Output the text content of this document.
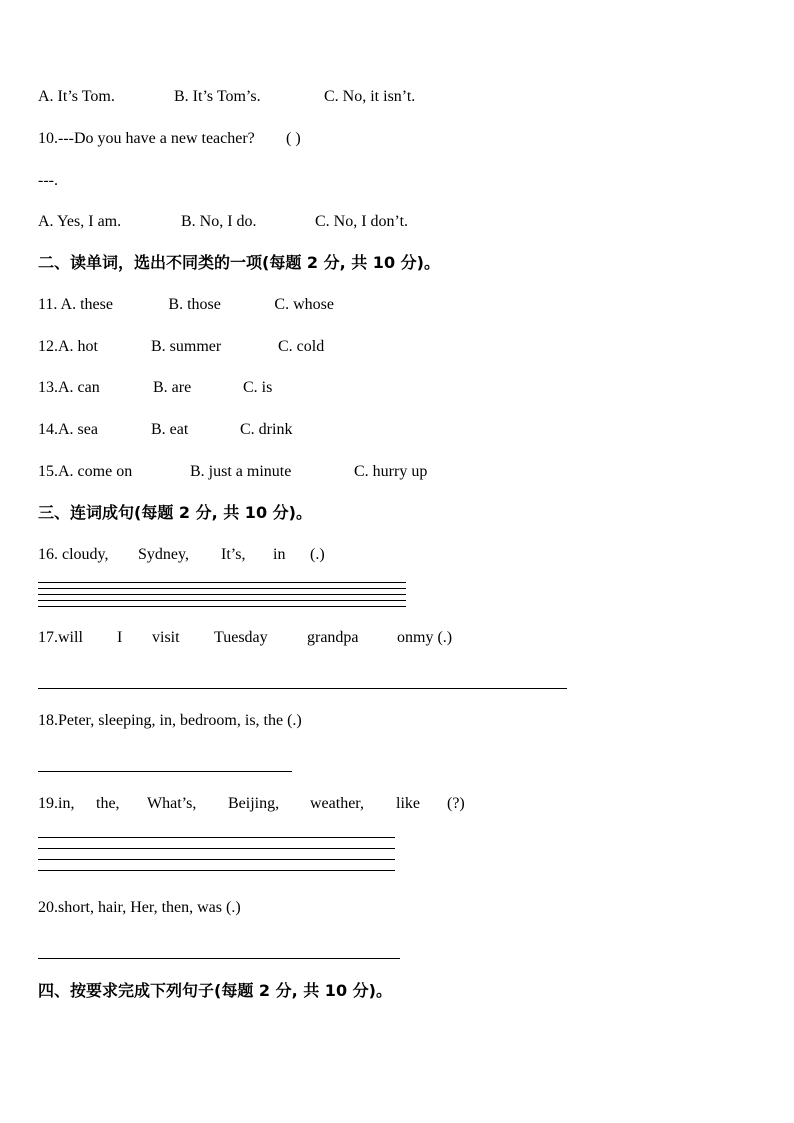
A. It’s Tom.	B. It’s Tom’s.	C. No, it isn’t.
10.---Do you have a new teacher? ( )
---.
A. Yes, I am.	B. No, I do.	C. No, I don’t.
二、读单词，选出不同类的一项(每题 2 分, 共 10 分)。
11. A. these	B. those	C. whose
12.A. hot	B. summer	C. cold
13.A. can	B. are	C. is
14.A. sea	B. eat	C. drink
15.A. come on	B. just a minute	C. hurry up
三、连词成句(每题 2 分, 共 10 分)。
16. cloudy, Sydney, It’s, in (.)
17.will I visit Tuesday grandpa onmy (.)
18.Peter, sleeping, in, bedroom, is, the (.)
19.in, the, What’s, Beijing, weather, like (?)
20.short, hair, Her, then, was (.)
四、按要求完成下列句子(每题 2 分, 共 10 分)。
